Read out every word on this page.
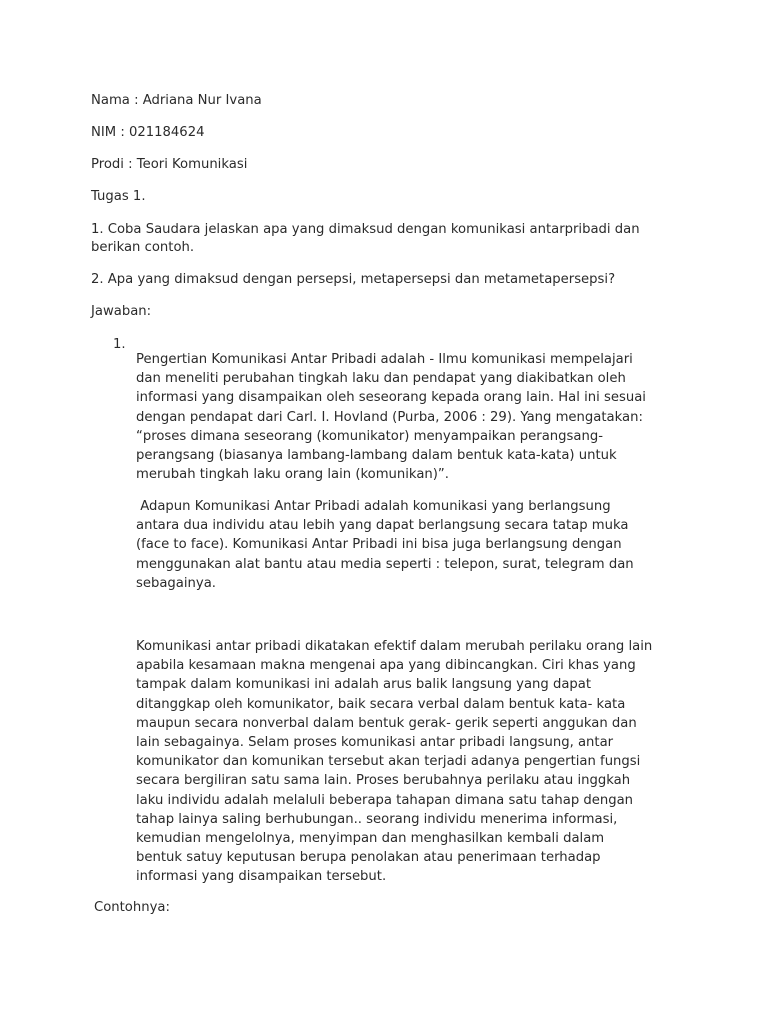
Nama : Adriana Nur Ivana
NIM : 021184624
Prodi : Teori Komunikasi
Tugas 1.
1. Coba Saudara jelaskan apa yang dimaksud dengan komunikasi antarpribadi dan
berikan contoh.
2. Apa yang dimaksud dengan persepsi, metapersepsi dan metametapersepsi?
Jawaban:
1.
Pengertian Komunikasi Antar Pribadi adalah - Ilmu komunikasi mempelajari
dan meneliti perubahan tingkah laku dan pendapat yang diakibatkan oleh
informasi yang disampaikan oleh seseorang kepada orang lain. Hal ini sesuai
dengan pendapat dari Carl. I. Hovland (Purba, 2006 : 29). Yang mengatakan:
“proses dimana seseorang (komunikator) menyampaikan perangsang-
perangsang (biasanya lambang-lambang dalam bentuk kata-kata) untuk
merubah tingkah laku orang lain (komunikan)”.
Adapun Komunikasi Antar Pribadi adalah komunikasi yang berlangsung
antara dua individu atau lebih yang dapat berlangsung secara tatap muka
(face to face). Komunikasi Antar Pribadi ini bisa juga berlangsung dengan
menggunakan alat bantu atau media seperti : telepon, surat, telegram dan
sebagainya.
Komunikasi antar pribadi dikatakan efektif dalam merubah perilaku orang lain
apabila kesamaan makna mengenai apa yang dibincangkan. Ciri khas yang
tampak dalam komunikasi ini adalah arus balik langsung yang dapat
ditanggkap oleh komunikator, baik secara verbal dalam bentuk kata- kata
maupun secara nonverbal dalam bentuk gerak- gerik seperti anggukan dan
lain sebagainya. Selam proses komunikasi antar pribadi langsung, antar
komunikator dan komunikan tersebut akan terjadi adanya pengertian fungsi
secara bergiliran satu sama lain. Proses berubahnya perilaku atau inggkah
laku individu adalah melaluli beberapa tahapan dimana satu tahap dengan
tahap lainya saling berhubungan.. seorang individu menerima informasi,
kemudian mengelolnya, menyimpan dan menghasilkan kembali dalam
bentuk satuy keputusan berupa penolakan atau penerimaan terhadap
informasi yang disampaikan tersebut.
Contohnya:
